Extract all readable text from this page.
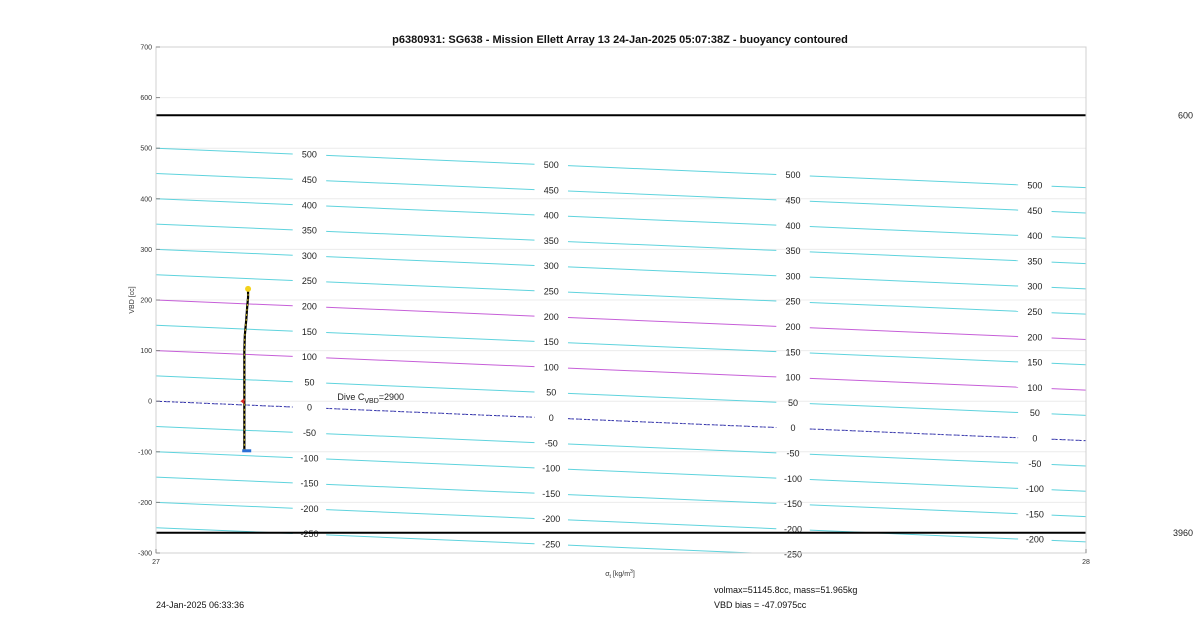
-250
-250
-250
-200
-200
-200
-200
-150
-150
-150
-150
-100
-100
-100
-100
-50
-50
-50
-50
0
0
0
0
50
50
50
50
100
100
100
100
150
150
150
150
200
200
200
200
250
250
250
250
300
300
300
300
350
350
350
350
400
400
400
400
450
450
450
450
500
500
500
500
600
3960
Dive $C_{VBD}=2900$
-300
-200
-100
0
100
200
300
400
500
600
700
27	28
p6380931: SG638 - Mission Ellett Array 13 24-Jan-2025 05:07:38Z - buoyancy contoured
VBD [cc]
$\sigma_t$ $[kg/m^3]$
24-Jan-2025 06:33:36
volmax=51145.8cc, mass=51.965kg
VBD bias = -47.0975cc
